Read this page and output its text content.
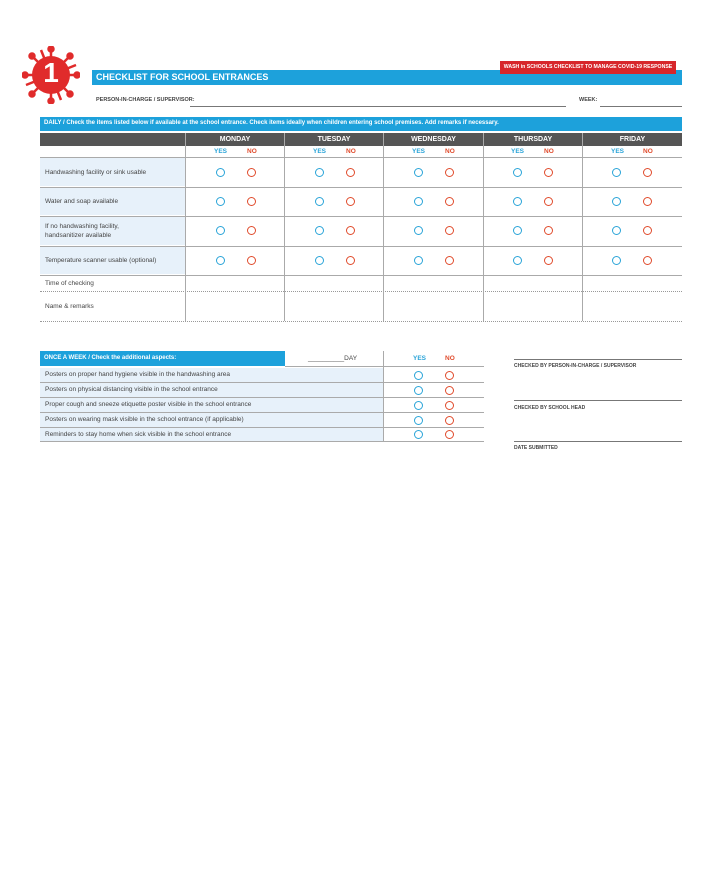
1	CHECKLIST FOR SCHOOL ENTRANCES
WASH in SCHOOLS CHECKLIST TO MANAGE COVID-19 RESPONSE
PERSON-IN-CHARGE / SUPERVISOR:	WEEK:
DAILY / Check the items listed below if available at the school entrance. Check items ideally when children entering school premises. Add remarks if necessary.
MONDAY	TUESDAY	WEDNESDAY	THURSDAY	FRIDAY
YES	NO	YES	NO	YES	NO	YES	NO	YES	NO
Handwashing facility or sink usable
Water and soap available
If no handwashing facility, handsanitizer available
Temperature scanner usable (optional)
Time of checking
Name & remarks
ONCE A WEEK / Check the additional aspects:	__________DAY	YES	NO
Posters on proper hand hygiene visible in the handwashing area
Posters on physical distancing visible in the school entrance
Proper cough and sneeze etiquette poster visible in the school entrance
Posters on wearing mask visible in the school entrance (if applicable)
Reminders to stay home when sick visible in the school entrance
CHECKED BY PERSON-IN-CHARGE / SUPERVISOR
CHECKED BY SCHOOL HEAD
DATE SUBMITTED
